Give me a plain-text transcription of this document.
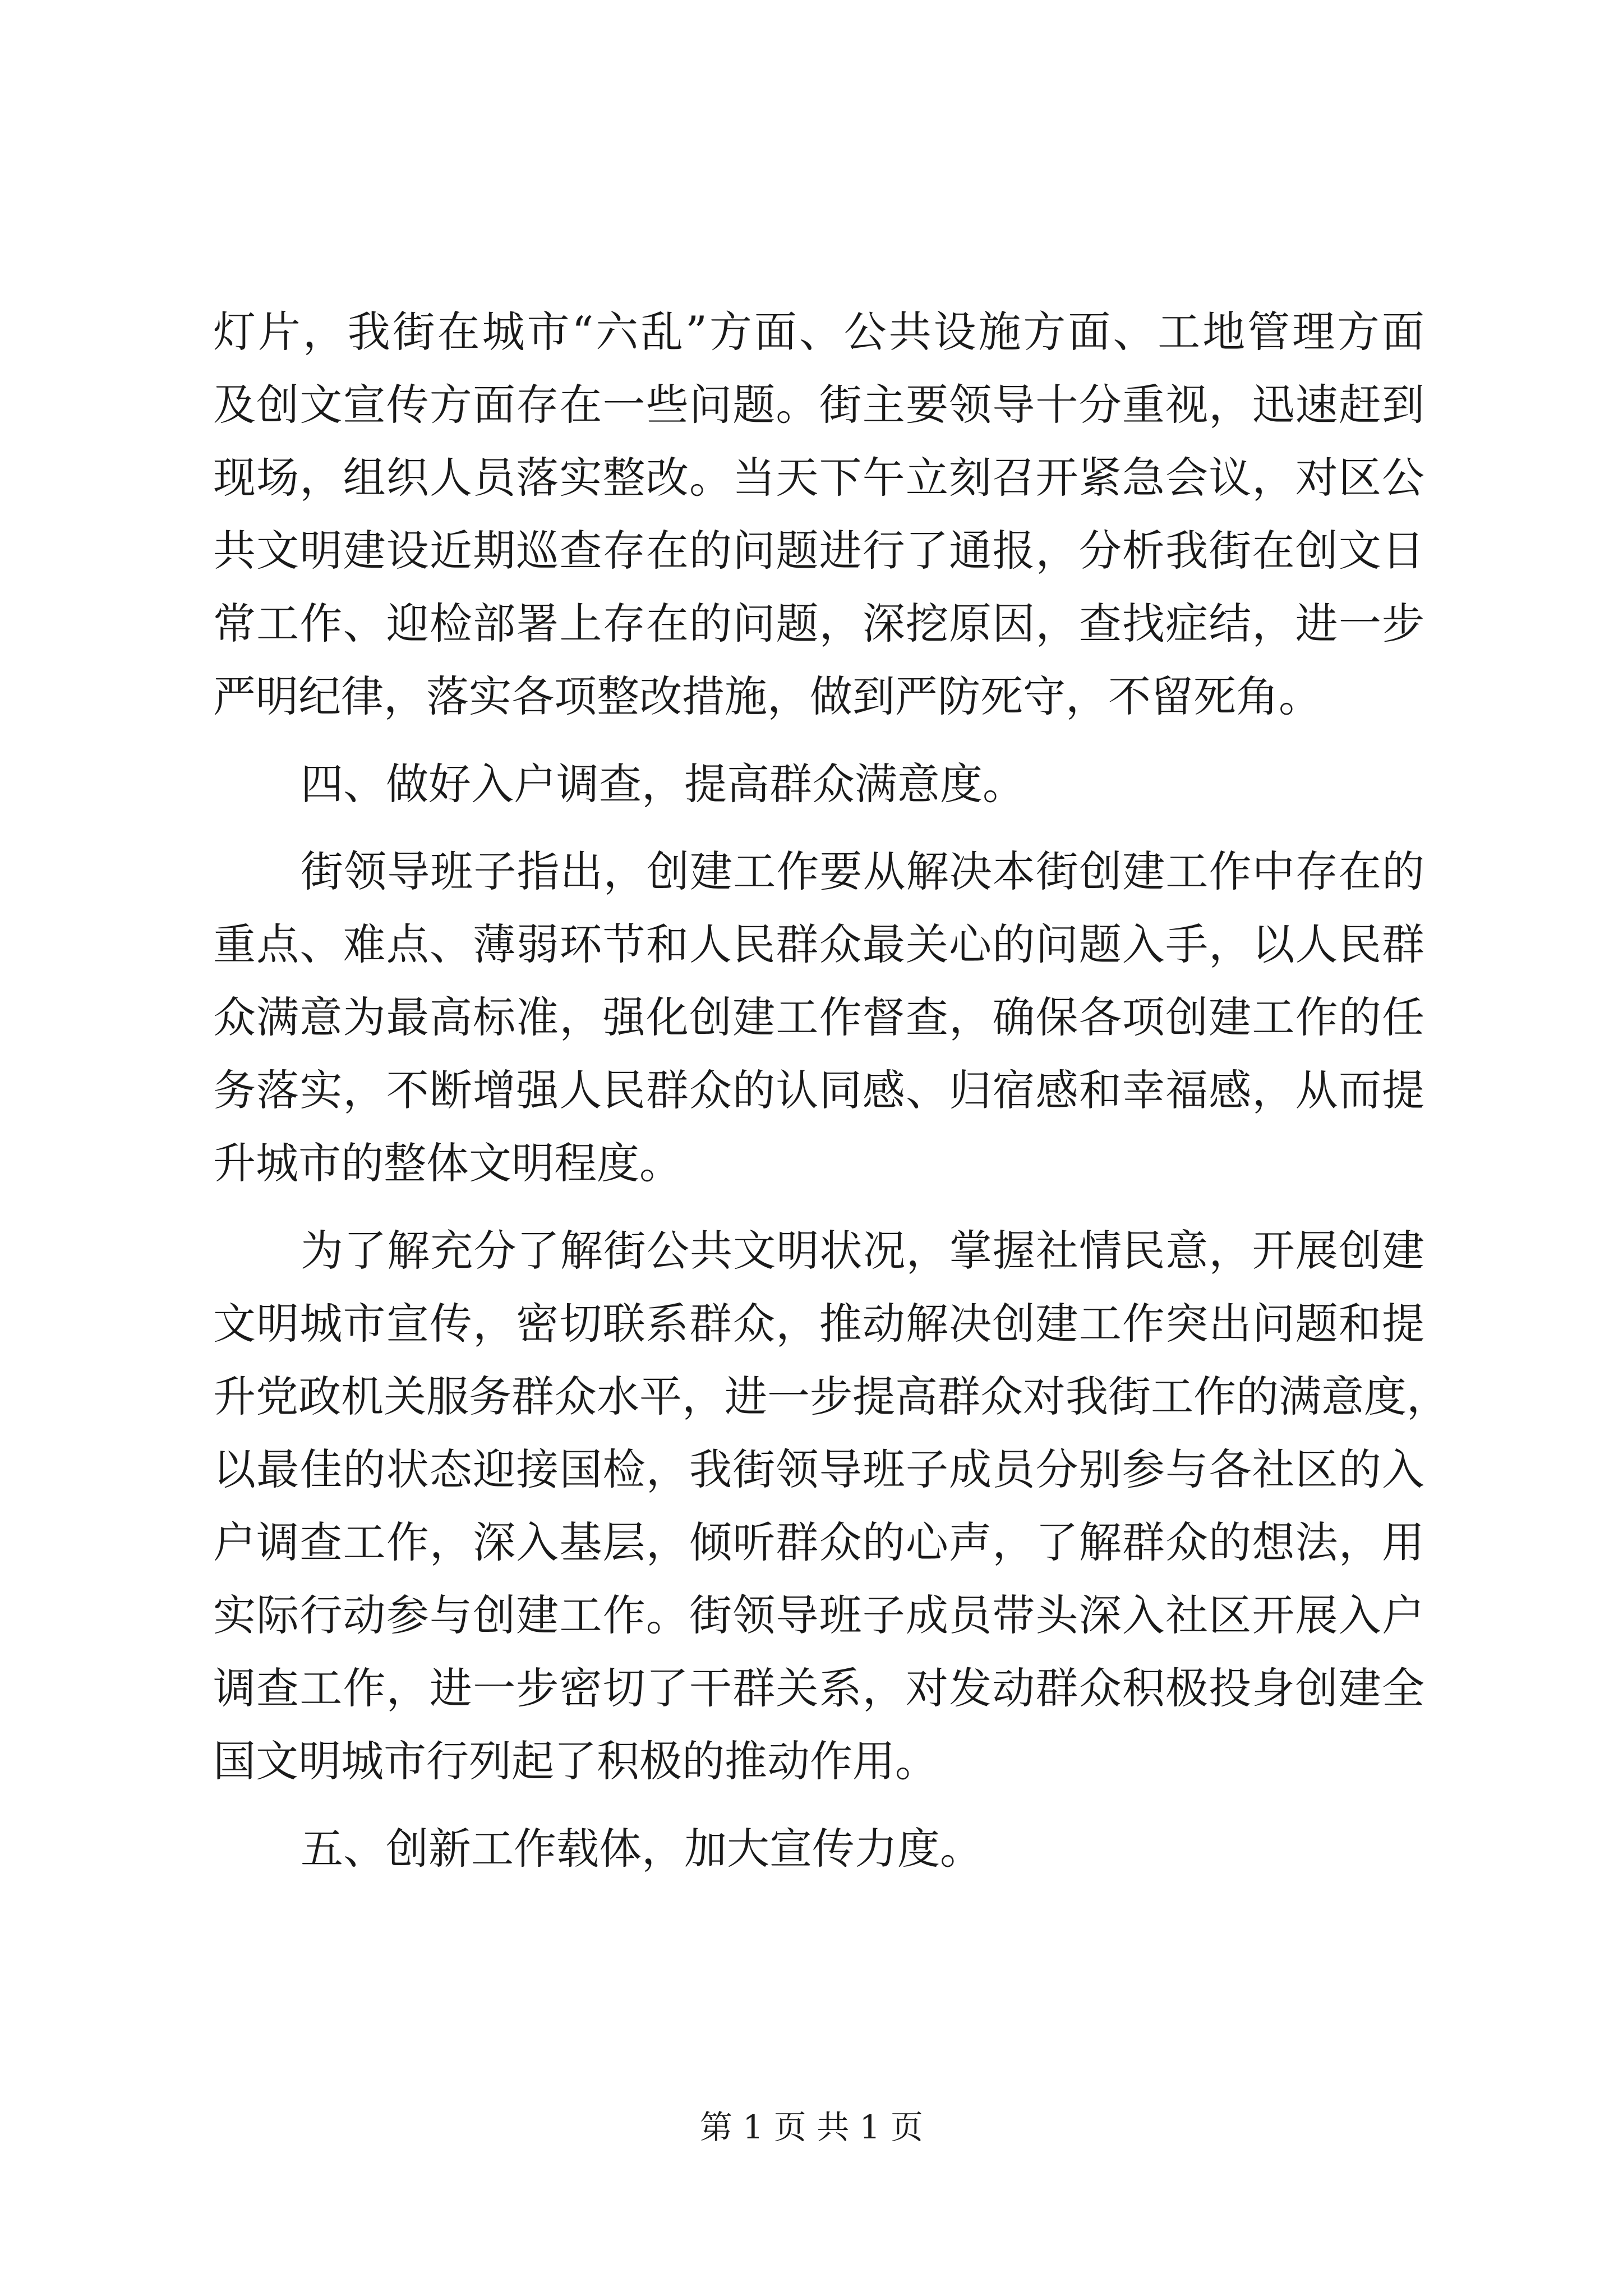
灯片，我街在城市“六乱”方面、公共设施方面、工地管理方面
及创文宣传方面存在一些问题。街主要领导十分重视，迅速赶到
现场，组织人员落实整改。当天下午立刻召开紧急会议，对区公
共文明建设近期巡查存在的问题进行了通报，分析我街在创文日
常工作、迎检部署上存在的问题，深挖原因，查找症结，进一步
严明纪律，落实各项整改措施，做到严防死守，不留死角。
四、做好入户调查，提高群众满意度。
街领导班子指出，创建工作要从解决本街创建工作中存在的
重点、难点、薄弱环节和人民群众最关心的问题入手，以人民群
众满意为最高标准，强化创建工作督查，确保各项创建工作的任
务落实，不断增强人民群众的认同感、归宿感和幸福感，从而提
升城市的整体文明程度。
为了解充分了解街公共文明状况，掌握社情民意，开展创建
文明城市宣传，密切联系群众，推动解决创建工作突出问题和提
升党政机关服务群众水平，进一步提高群众对我街工作的满意度，
以最佳的状态迎接国检，我街领导班子成员分别参与各社区的入
户调查工作，深入基层，倾听群众的心声，了解群众的想法，用
实际行动参与创建工作。街领导班子成员带头深入社区开展入户
调查工作，进一步密切了干群关系，对发动群众积极投身创建全
国文明城市行列起了积极的推动作用。
五、创新工作载体，加大宣传力度。
第 1 页 共 1 页
